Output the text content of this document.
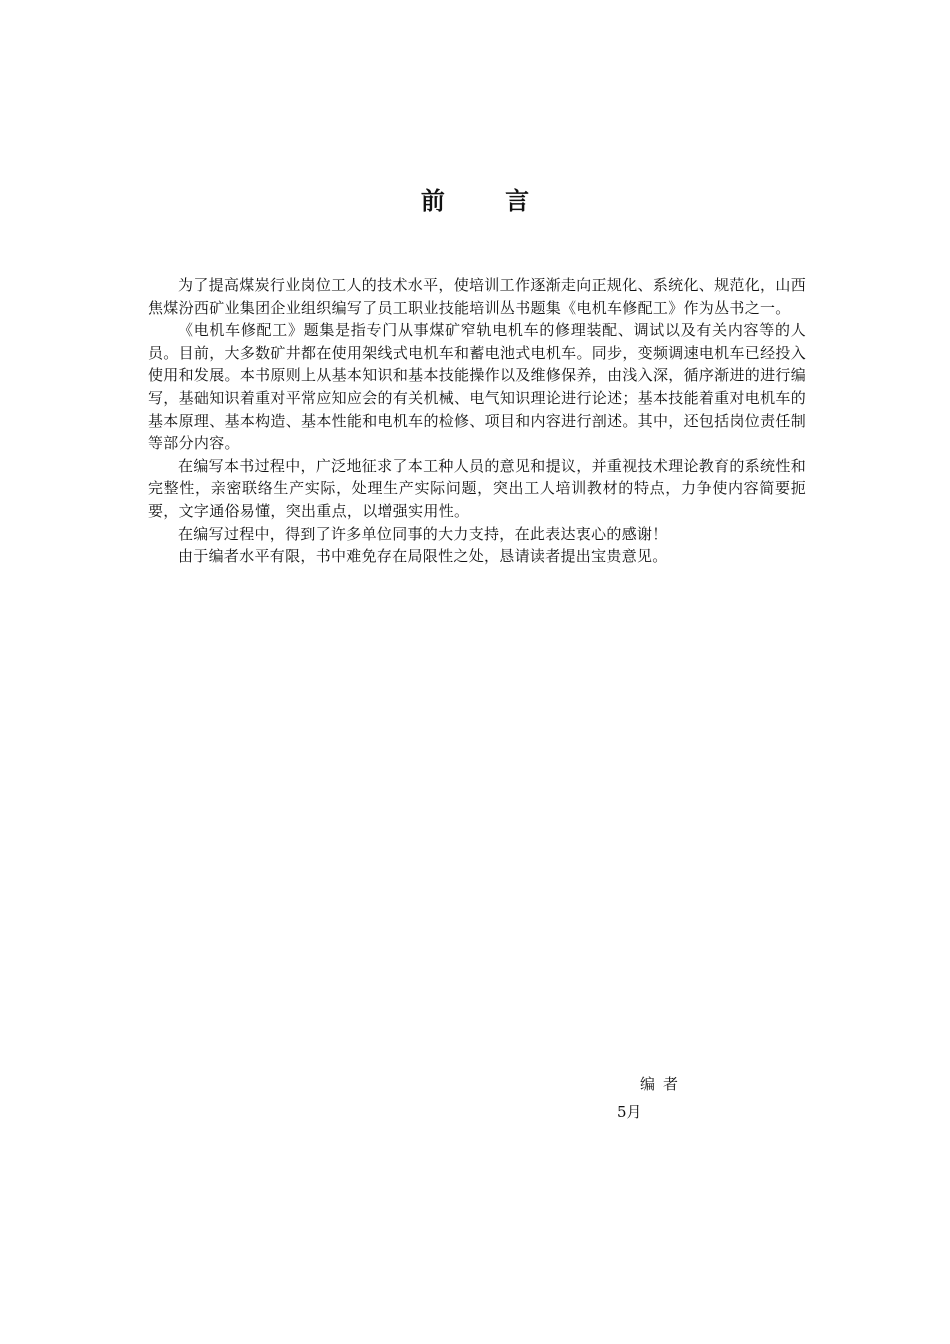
前 言

为了提高煤炭行业岗位工人的技术水平，使培训工作逐渐走向正规化、系统化、规范化，山西焦煤汾西矿业集团企业组织编写了员工职业技能培训丛书题集《电机车修配工》作为丛书之一。

《电机车修配工》题集是指专门从事煤矿窄轨电机车的修理装配、调试以及有关内容等的人员。目前，大多数矿井都在使用架线式电机车和蓄电池式电机车。同步，变频调速电机车已经投入使用和发展。本书原则上从基本知识和基本技能操作以及维修保养，由浅入深，循序渐进的进行编写，基础知识着重对平常应知应会的有关机械、电气知识理论进行论述；基本技能着重对电机车的基本原理、基本构造、基本性能和电机车的检修、项目和内容进行剖述。其中，还包括岗位责任制等部分内容。

在编写本书过程中，广泛地征求了本工种人员的意见和提议，并重视技术理论教育的系统性和完整性，亲密联络生产实际，处理生产实际问题，突出工人培训教材的特点，力争使内容简要扼要，文字通俗易懂，突出重点，以增强实用性。

在编写过程中，得到了许多单位同事的大力支持，在此表达衷心的感谢！

由于编者水平有限，书中难免存在局限性之处，恳请读者提出宝贵意见。

编者
5月
